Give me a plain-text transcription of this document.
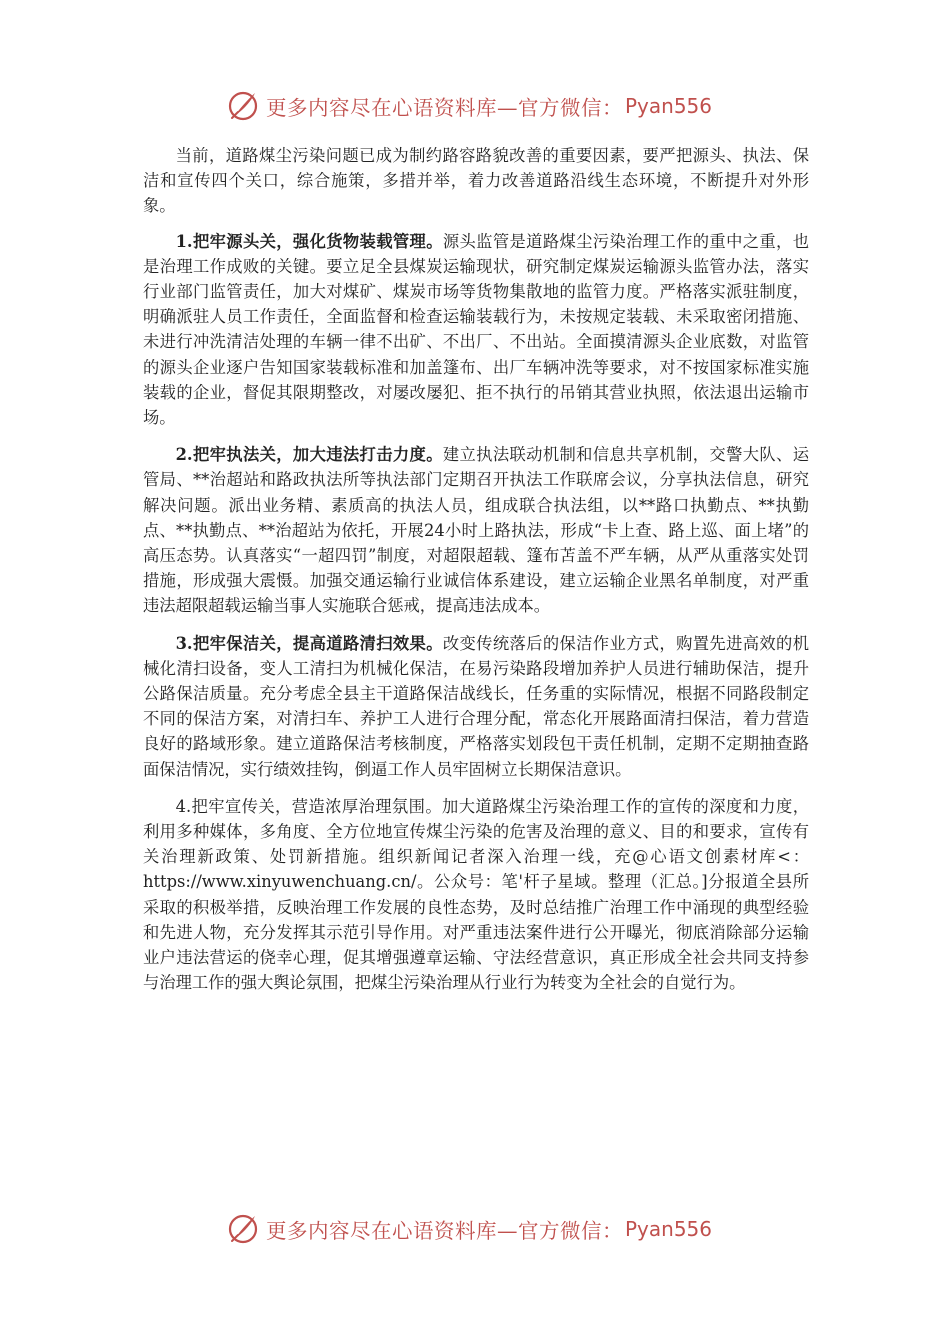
更多内容尽在心语资料库—官方微信： Pyan556

当前，道路煤尘污染问题已成为制约路容路貌改善的重要因素，要严把源头、执法、保洁和宣传四个关口，综合施策，多措并举，着力改善道路沿线生态环境，不断提升对外形象。

1.把牢源头关，强化货物装载管理。源头监管是道路煤尘污染治理工作的重中之重，也是治理工作成败的关键。要立足全县煤炭运输现状，研究制定煤炭运输源头监管办法，落实行业部门监管责任，加大对煤矿、煤炭市场等货物集散地的监管力度。严格落实派驻制度，明确派驻人员工作责任，全面监督和检查运输装载行为，未按规定装载、未采取密闭措施、未进行冲洗清洁处理的车辆一律不出矿、不出厂、不出站。全面摸清源头企业底数，对监管的源头企业逐户告知国家装载标准和加盖篷布、出厂车辆冲洗等要求，对不按国家标准实施装载的企业，督促其限期整改，对屡改屡犯、拒不执行的吊销其营业执照，依法退出运输市场。

2.把牢执法关，加大违法打击力度。建立执法联动机制和信息共享机制，交警大队、运管局、**治超站和路政执法所等执法部门定期召开执法工作联席会议，分享执法信息，研究解决问题。派出业务精、素质高的执法人员，组成联合执法组，以**路口执勤点、**执勤点、**执勤点、**治超站为依托，开展24小时上路执法，形成“卡上查、路上巡、面上堵”的高压态势。认真落实“一超四罚”制度，对超限超载、篷布苫盖不严车辆，从严从重落实处罚措施，形成强大震慑。加强交通运输行业诚信体系建设，建立运输企业黑名单制度，对严重违法超限超载运输当事人实施联合惩戒，提高违法成本。

3.把牢保洁关，提高道路清扫效果。改变传统落后的保洁作业方式，购置先进高效的机械化清扫设备，变人工清扫为机械化保洁，在易污染路段增加养护人员进行辅助保洁，提升公路保洁质量。充分考虑全县主干道路保洁战线长，任务重的实际情况，根据不同路段制定不同的保洁方案，对清扫车、养护工人进行合理分配，常态化开展路面清扫保洁，着力营造良好的路域形象。建立道路保洁考核制度，严格落实划段包干责任机制，定期不定期抽查路面保洁情况，实行绩效挂钩，倒逼工作人员牢固树立长期保洁意识。

4.把牢宣传关，营造浓厚治理氛围。加大道路煤尘污染治理工作的宣传的深度和力度，利用多种媒体，多角度、全方位地宣传煤尘污染的危害及治理的意义、目的和要求，宣传有关治理新政策、处罚新措施。组织新闻记者深入治理一线，充@心语文创素材库<：https://www.xinyuwenchuang.cn/。公众号：笔'杆子星域。整理（汇总。]分报道全县所采取的积极举措，反映治理工作发展的良性态势，及时总结推广治理工作中涌现的典型经验和先进人物，充分发挥其示范引导作用。对严重违法案件进行公开曝光，彻底消除部分运输业户违法营运的侥幸心理，促其增强遵章运输、守法经营意识，真正形成全社会共同支持参与治理工作的强大舆论氛围，把煤尘污染治理从行业行为转变为全社会的自觉行为。

更多内容尽在心语资料库—官方微信： Pyan556
